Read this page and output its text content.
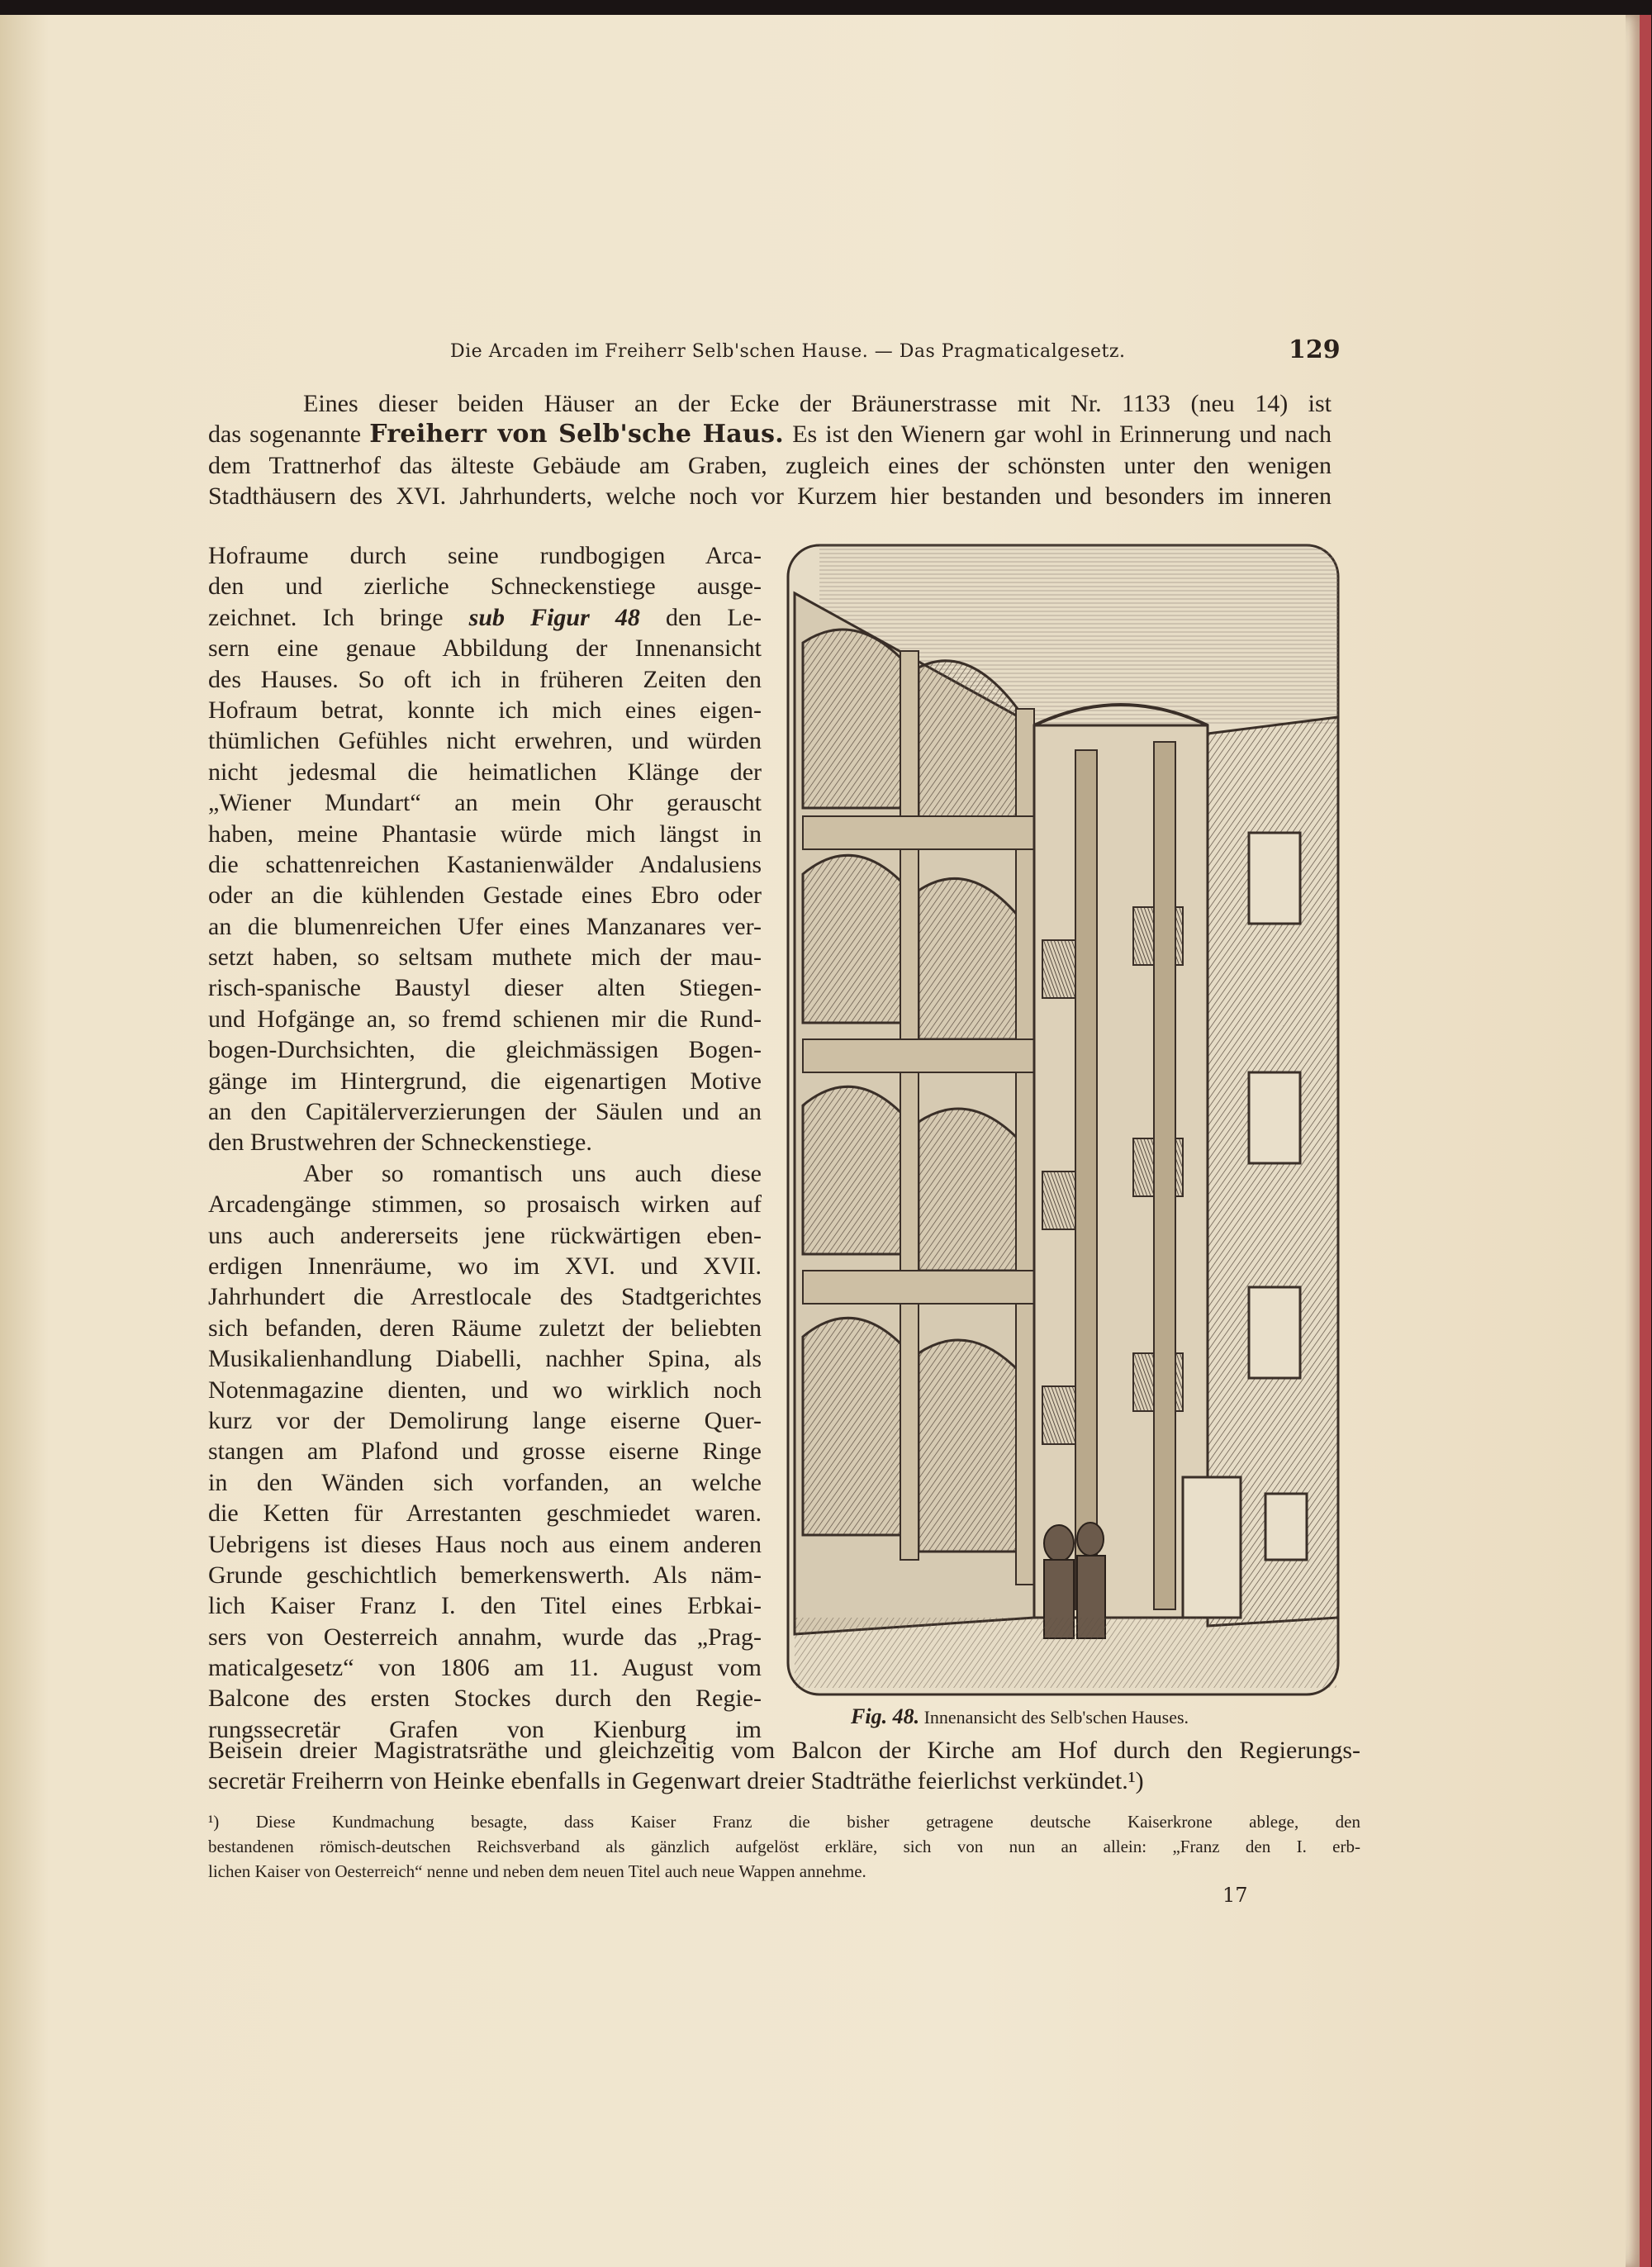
Die Arcaden im Freiherr Selb'schen Hause. — Das Pragmaticalgesetz.	129
Eines dieser beiden Häuser an der Ecke der Bräunerstrasse mit Nr. 1133 (neu 14) ist
das sogenannte Freiherr von Selb'sche Haus. Es ist den Wienern gar wohl in Erinnerung und nach
dem Trattnerhof das älteste Gebäude am Graben, zugleich eines der schönsten unter den wenigen
Stadthäusern des XVI. Jahrhunderts, welche noch vor Kurzem hier bestanden und besonders im inneren
Hofraume durch seine rundbogigen Arca-
den und zierliche Schneckenstiege ausge-
zeichnet. Ich bringe sub Figur 48 den Le-
sern eine genaue Abbildung der Innenansicht
des Hauses. So oft ich in früheren Zeiten den
Hofraum betrat, konnte ich mich eines eigen-
thümlichen Gefühles nicht erwehren, und würden
nicht jedesmal die heimatlichen Klänge der
„Wiener Mundart“ an mein Ohr gerauscht
haben, meine Phantasie würde mich längst in
die schattenreichen Kastanienwälder Andalusiens
oder an die kühlenden Gestade eines Ebro oder
an die blumenreichen Ufer eines Manzanares ver-
setzt haben, so seltsam muthete mich der mau-
risch-spanische Baustyl dieser alten Stiegen-
und Hofgänge an, so fremd schienen mir die Rund-
bogen-Durchsichten, die gleichmässigen Bogen-
gänge im Hintergrund, die eigenartigen Motive
an den Capitälerverzierungen der Säulen und an
den Brustwehren der Schneckenstiege.
Aber so romantisch uns auch diese
Arcadengänge stimmen, so prosaisch wirken auf
uns auch andererseits jene rückwärtigen eben-
erdigen Innenräume, wo im XVI. und XVII.
Jahrhundert die Arrestlocale des Stadtgerichtes
sich befanden, deren Räume zuletzt der beliebten
Musikalienhandlung Diabelli, nachher Spina, als
Notenmagazine dienten, und wo wirklich noch
kurz vor der Demolirung lange eiserne Quer-
stangen am Plafond und grosse eiserne Ringe
in den Wänden sich vorfanden, an welche
die Ketten für Arrestanten geschmiedet waren.
Uebrigens ist dieses Haus noch aus einem anderen
Grunde geschichtlich bemerkenswerth. Als näm-
lich Kaiser Franz I. den Titel eines Erbkai-
sers von Oesterreich annahm, wurde das „Prag-
maticalgesetz“ von 1806 am 11. August vom
Balcone des ersten Stockes durch den Regie-
rungssecretär Grafen von Kienburg im	Fig. 48. Innenansicht des Selb'schen Hauses.
Beisein dreier Magistratsräthe und gleichzeitig vom Balcon der Kirche am Hof durch den Regierungs-
secretär Freiherrn von Heinke ebenfalls in Gegenwart dreier Stadträthe feierlichst verkündet.¹)
¹) Diese Kundmachung besagte, dass Kaiser Franz die bisher getragene deutsche Kaiserkrone ablege, den
bestandenen römisch-deutschen Reichsverband als gänzlich aufgelöst erkläre, sich von nun an allein: „Franz den I. erb-
lichen Kaiser von Oesterreich“ nenne und neben dem neuen Titel auch neue Wappen annehme.
17
